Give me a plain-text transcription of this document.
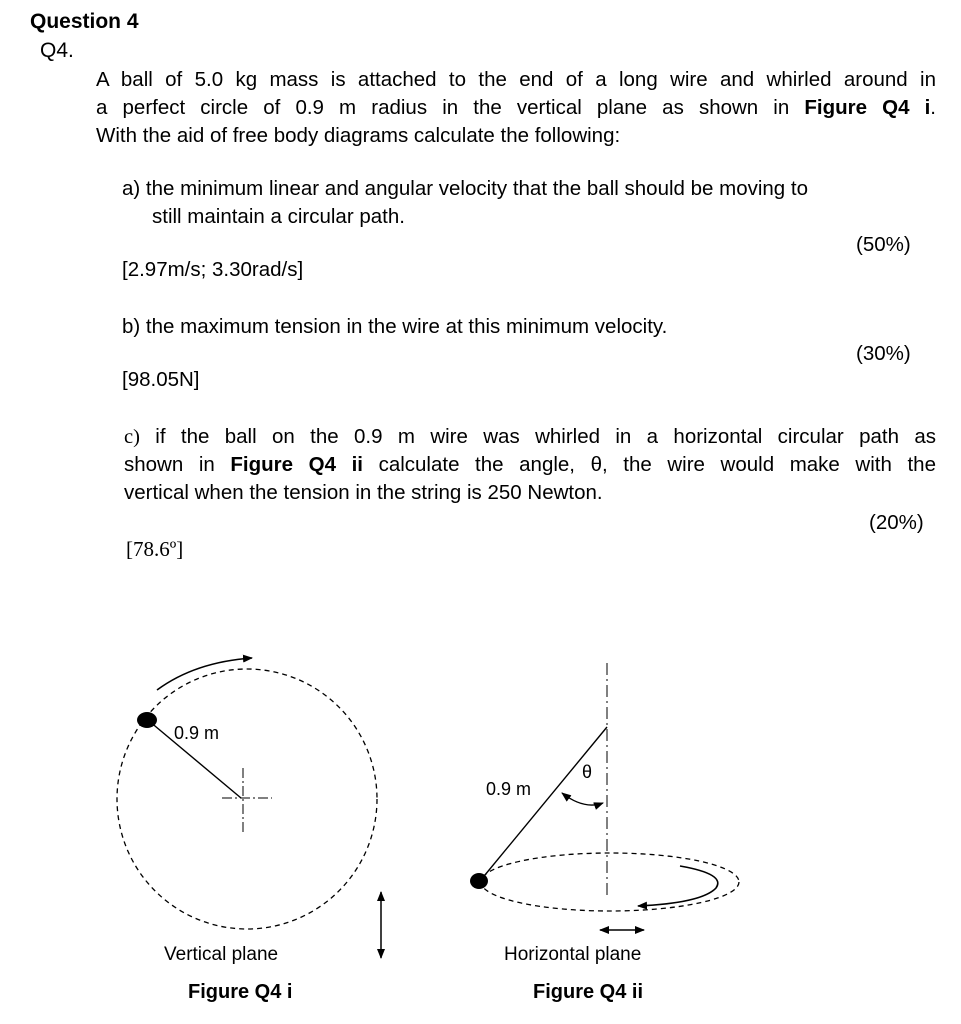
Question 4
Q4.
A ball of 5.0 kg mass is attached to the end of a long wire and whirled around in
a perfect circle of 0.9 m radius in the vertical plane as shown in Figure Q4 i.
With the aid of free body diagrams calculate the following:
a) the minimum linear and angular velocity that the ball should be moving to
still maintain a circular path.
(50%)
[2.97m/s; 3.30rad/s]
b) the maximum tension in the wire at this minimum velocity.
(30%)
[98.05N]
c) if the ball on the 0.9 m wire was whirled in a horizontal circular path as
shown in Figure Q4 ii calculate the angle, θ, the wire would make with the
vertical when the tension in the string is 250 Newton.
(20%)
[78.6º]
0.9 m
Vertical plane
Figure Q4 i
0.9 m
θ
Horizontal plane
Figure Q4 ii
